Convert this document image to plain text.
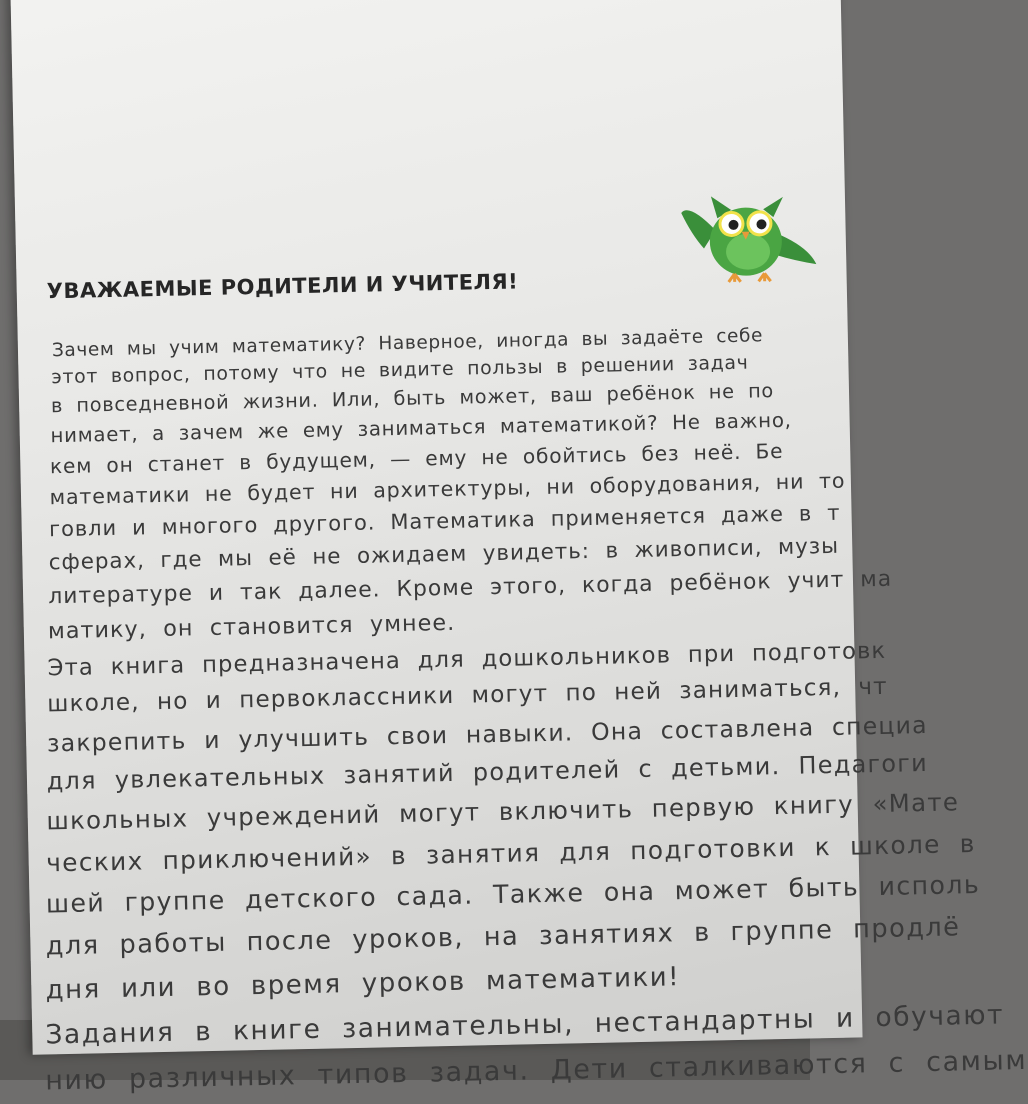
УВАЖАЕМЫЕ РОДИТЕЛИ И УЧИТЕЛЯ!
Зачем мы учим математику? Наверное, иногда вы задаёте себе
этот вопрос, потому что не видите пользы в решении задач
в повседневной жизни. Или, быть может, ваш ребёнок не по
нимает, а зачем же ему заниматься математикой? Не важно,
кем он станет в будущем, — ему не обойтись без неё. Бе
математики не будет ни архитектуры, ни оборудования, ни то
говли и многого другого. Математика применяется даже в т
сферах, где мы её не ожидаем увидеть: в живописи, музы
литературе и так далее. Кроме этого, когда ребёнок учит ма
матику, он становится умнее.
Эта книга предназначена для дошкольников при подготовк
школе, но и первоклассники могут по ней заниматься, чт
закрепить и улучшить свои навыки. Она составлена специа
для увлекательных занятий родителей с детьми. Педагоги
школьных учреждений могут включить первую книгу «Мате
ческих приключений» в занятия для подготовки к школе в
шей группе детского сада. Также она может быть исполь
для работы после уроков, на занятиях в группе продлё
дня или во время уроков математики!
Задания в книге занимательны, нестандартны и обучают
нию различных типов задач. Дети сталкиваются с самым
